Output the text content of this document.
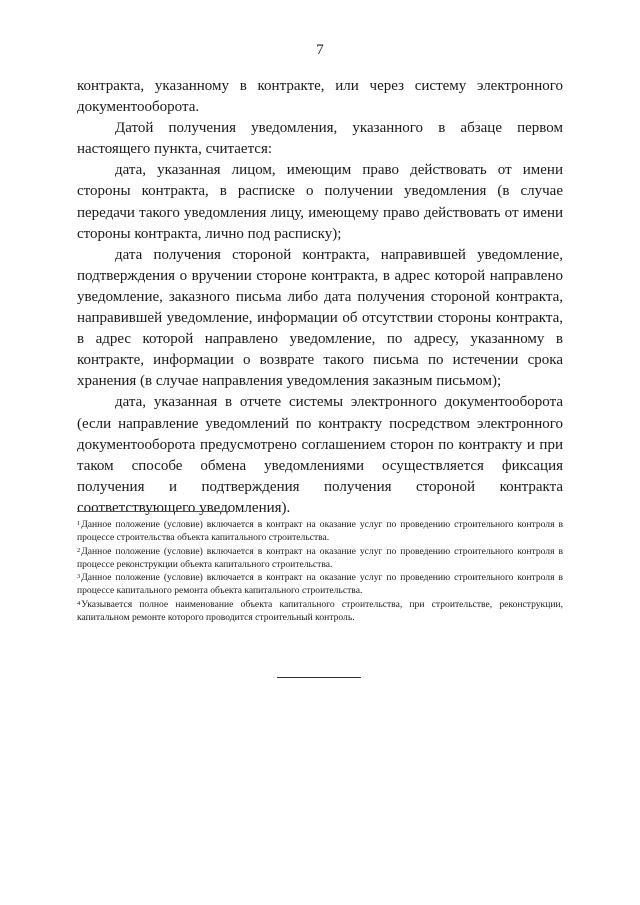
7

контракта, указанному в контракте, или через систему электронного документооборота.

Датой получения уведомления, указанного в абзаце первом настоящего пункта, считается:

дата, указанная лицом, имеющим право действовать от имени стороны контракта, в расписке о получении уведомления (в случае передачи такого уведомления лицу, имеющему право действовать от имени стороны контракта, лично под расписку);

дата получения стороной контракта, направившей уведомление, подтверждения о вручении стороне контракта, в адрес которой направлено уведомление, заказного письма либо дата получения стороной контракта, направившей уведомление, информации об отсутствии стороны контракта, в адрес которой направлено уведомление, по адресу, указанному в контракте, информации о возврате такого письма по истечении срока хранения (в случае направления уведомления заказным письмом);

дата, указанная в отчете системы электронного документооборота (если направление уведомлений по контракту посредством электронного документооборота предусмотрено соглашением сторон по контракту и при таком способе обмена уведомлениями осуществляется фиксация получения и подтверждения получения стороной контракта соответствующего уведомления).

$^1$Данное положение (условие) включается в контракт на оказание услуг по проведению строительного контроля в процессе строительства объекта капитального строительства.

$^2$Данное положение (условие) включается в контракт на оказание услуг по проведению строительного контроля в процессе реконструкции объекта капитального строительства.

$^3$Данное положение (условие) включается в контракт на оказание услуг по проведению строительного контроля в процессе капитального ремонта объекта капитального строительства.

$^4$Указывается полное наименование объекта капитального строительства, при строительстве, реконструкции, капитальном ремонте которого проводится строительный контроль.
